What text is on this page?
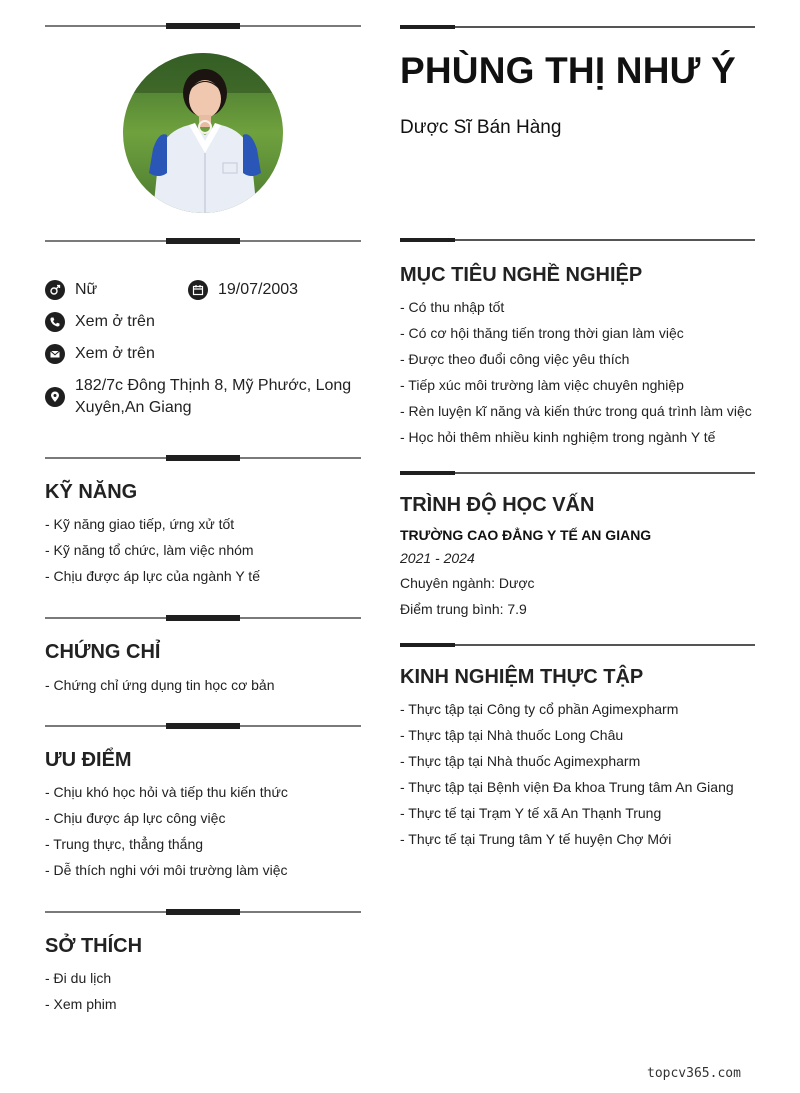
Nữ	19/07/2003
Xem ở trên
Xem ở trên
182/7c Đông Thịnh 8, Mỹ Phước, Long Xuyên,An Giang
KỸ NĂNG
- Kỹ năng giao tiếp, ứng xử tốt
- Kỹ năng tổ chức, làm việc nhóm
- Chịu được áp lực của ngành Y tế
CHỨNG CHỈ
- Chứng chỉ ứng dụng tin học cơ bản
ƯU ĐIỂM
- Chịu khó học hỏi và tiếp thu kiến thức
- Chịu được áp lực công việc
- Trung thực, thẳng thắng
- Dễ thích nghi với môi trường làm việc
SỞ THÍCH
- Đi du lịch
- Xem phim
PHÙNG THỊ NHƯ Ý

Dược Sĩ Bán Hàng

MỤC TIÊU NGHỀ NGHIỆP
- Có thu nhập tốt
- Có cơ hội thăng tiến trong thời gian làm việc
- Được theo đuổi công việc yêu thích
- Tiếp xúc môi trường làm việc chuyên nghiệp
- Rèn luyện kĩ năng và kiến thức trong quá trình làm việc
- Học hỏi thêm nhiều kinh nghiệm trong ngành Y tế
TRÌNH ĐỘ HỌC VẤN
TRƯỜNG CAO ĐẲNG Y TẾ AN GIANG
2021 - 2024
Chuyên ngành: Dược
Điểm trung bình: 7.9
KINH NGHIỆM THỰC TẬP
- Thực tập tại Công ty cổ phần Agimexpharm
- Thực tập tại Nhà thuốc Long Châu
- Thực tập tại Nhà thuốc Agimexpharm
- Thực tập tại Bệnh viện Đa khoa Trung tâm An Giang
- Thực tế tại Trạm Y tế xã An Thạnh Trung
- Thực tế tại Trung tâm Y tế huyện Chợ Mới
topcv365.com
